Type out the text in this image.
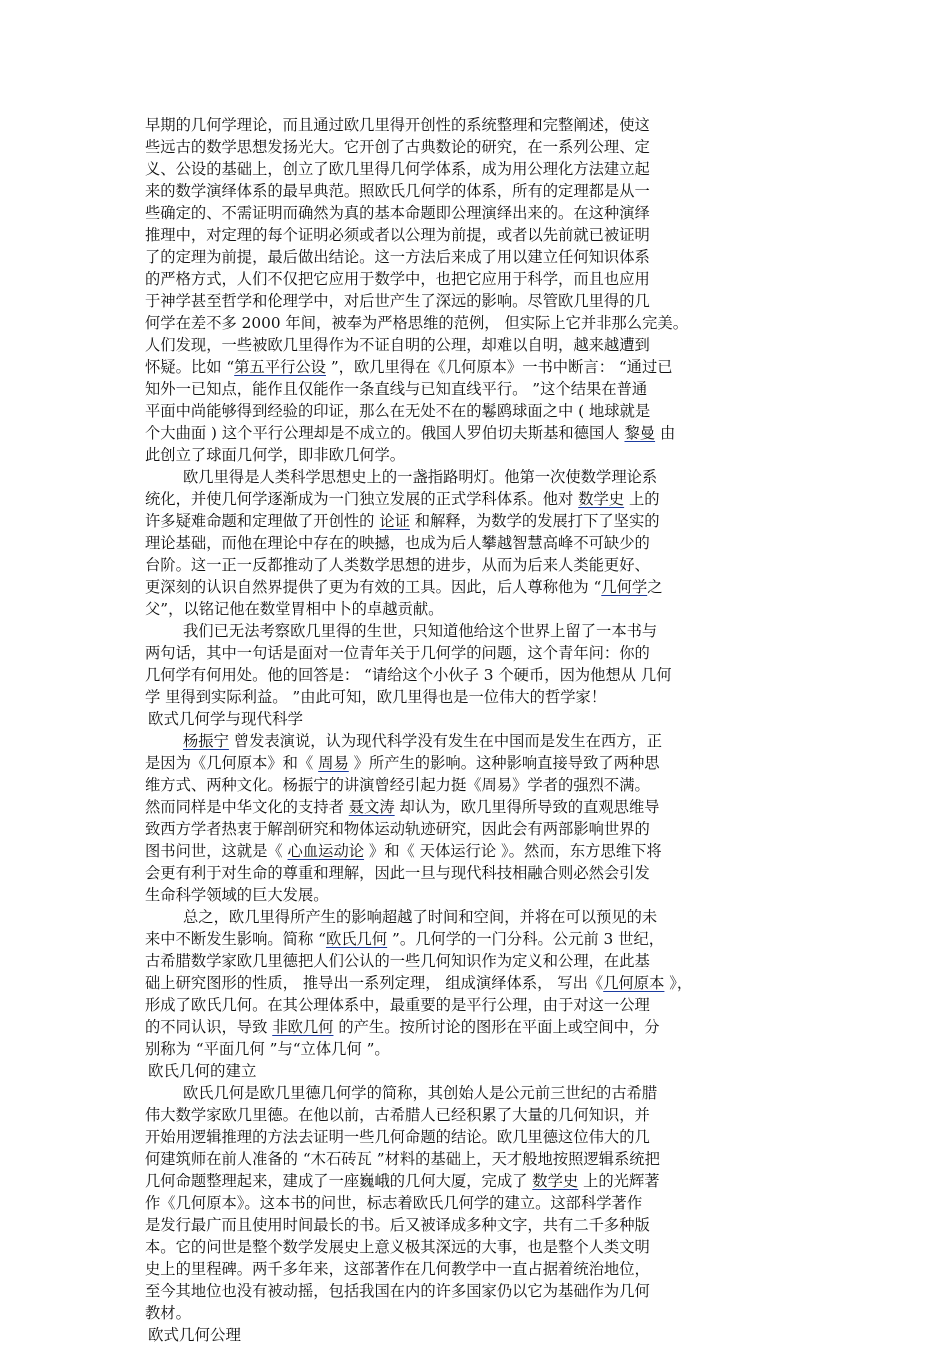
早期的几何学理论，而且通过欧几里得开创性的系统整理和完整阐述，使这
些远古的数学思想发扬光大。它开创了古典数论的研究，在一系列公理、定
义、公设的基础上，创立了欧几里得几何学体系，成为用公理化方法建立起
来的数学演绎体系的最早典范。照欧氏几何学的体系，所有的定理都是从一
些确定的、不需证明而确然为真的基本命题即公理演绎出来的。在这种演绎
推理中，对定理的每个证明必须或者以公理为前提，或者以先前就已被证明
了的定理为前提，最后做出结论。这一方法后来成了用以建立任何知识体系
的严格方式，人们不仅把它应用于数学中，也把它应用于科学，而且也应用
于神学甚至哲学和伦理学中，对后世产生了深远的影响。尽管欧几里得的几
何学在差不多 2000 年间，被奉为严格思维的范例， 但实际上它并非那么完美。
人们发现，一些被欧几里得作为不证自明的公理，却难以自明，越来越遭到
怀疑。比如 “第五平行公设 ”，欧几里得在《几何原本》一书中断言： “通过已
知外一已知点，能作且仅能作一条直线与已知直线平行。 ”这个结果在普通
平面中尚能够得到经验的印证，那么在无处不在的鬈鸥球面之中 ( 地球就是
个大曲面 ) 这个平行公理却是不成立的。俄国人罗伯切夫斯基和德国人 黎曼 由
此创立了球面几何学，即非欧几何学。
欧几里得是人类科学思想史上的一盏指路明灯。他第一次使数学理论系
统化，并使几何学逐渐成为一门独立发展的正式学科体系。他对 数学史 上的
许多疑难命题和定理做了开创性的 论证 和解释，为数学的发展打下了坚实的
理论基础，而他在理论中存在的映撼，也成为后人攀越智慧高峰不可缺少的
台阶。这一正一反都推动了人类数学思想的进步，从而为后来人类能更好、
更深刻的认识自然界提供了更为有效的工具。因此，后人尊称他为 “几何学之
父”，以铭记他在数堂胃相中卜的卓越贡献。
我们已无法考察欧几里得的生世，只知道他给这个世界上留了一本书与
两句话，其中一句话是面对一位青年关于几何学的问题，这个青年问：你的
几何学有何用处。他的回答是： “请给这个小伙子 3 个硬币，因为他想从 几何
学 里得到实际利益。 ”由此可知，欧几里得也是一位伟大的哲学家！
欧式几何学与现代科学
杨振宁 曾发表演说，认为现代科学没有发生在中国而是发生在西方，正
是因为《几何原本》和《 周易 》所产生的影响。这种影响直接导致了两种思
维方式、两种文化。杨振宁的讲演曾经引起力挺《周易》学者的强烈不满。
然而同样是中华文化的支持者 聂文涛 却认为，欧几里得所导致的直观思维导
致西方学者热衷于解剖研究和物体运动轨迹研究，因此会有两部影响世界的
图书问世，这就是《 心血运动论 》和《 天体运行论 》。然而，东方思维下将
会更有利于对生命的尊重和理解，因此一旦与现代科技相融合则必然会引发
生命科学领域的巨大发展。
总之，欧几里得所产生的影响超越了时间和空间，并将在可以预见的未
来中不断发生影响。简称 “欧氏几何 ”。几何学的一门分科。公元前 3 世纪，
古希腊数学家欧几里德把人们公认的一些几何知识作为定义和公理，在此基
础上研究图形的性质， 推导出一系列定理， 组成演绎体系， 写出《几何原本 》，
形成了欧氏几何。在其公理体系中，最重要的是平行公理，由于对这一公理
的不同认识，导致 非欧几何 的产生。按所讨论的图形在平面上或空间中，分
别称为 “平面几何 ”与“立体几何 ”。
欧氏几何的建立
欧氏几何是欧几里德几何学的简称，其创始人是公元前三世纪的古希腊
伟大数学家欧几里德。在他以前，古希腊人已经积累了大量的几何知识，并
开始用逻辑推理的方法去证明一些几何命题的结论。欧几里德这位伟大的几
何建筑师在前人准备的 “木石砖瓦 ”材料的基础上，天才般地按照逻辑系统把
几何命题整理起来，建成了一座巍峨的几何大厦，完成了 数学史 上的光辉著
作《几何原本》。这本书的问世，标志着欧氏几何学的建立。这部科学著作
是发行最广而且使用时间最长的书。后又被译成多种文字，共有二千多种版
本。它的问世是整个数学发展史上意义极其深远的大事，也是整个人类文明
史上的里程碑。两千多年来，这部著作在几何教学中一直占据着统治地位，
至今其地位也没有被动摇，包括我国在内的许多国家仍以它为基础作为几何
教材。
欧式几何公理
